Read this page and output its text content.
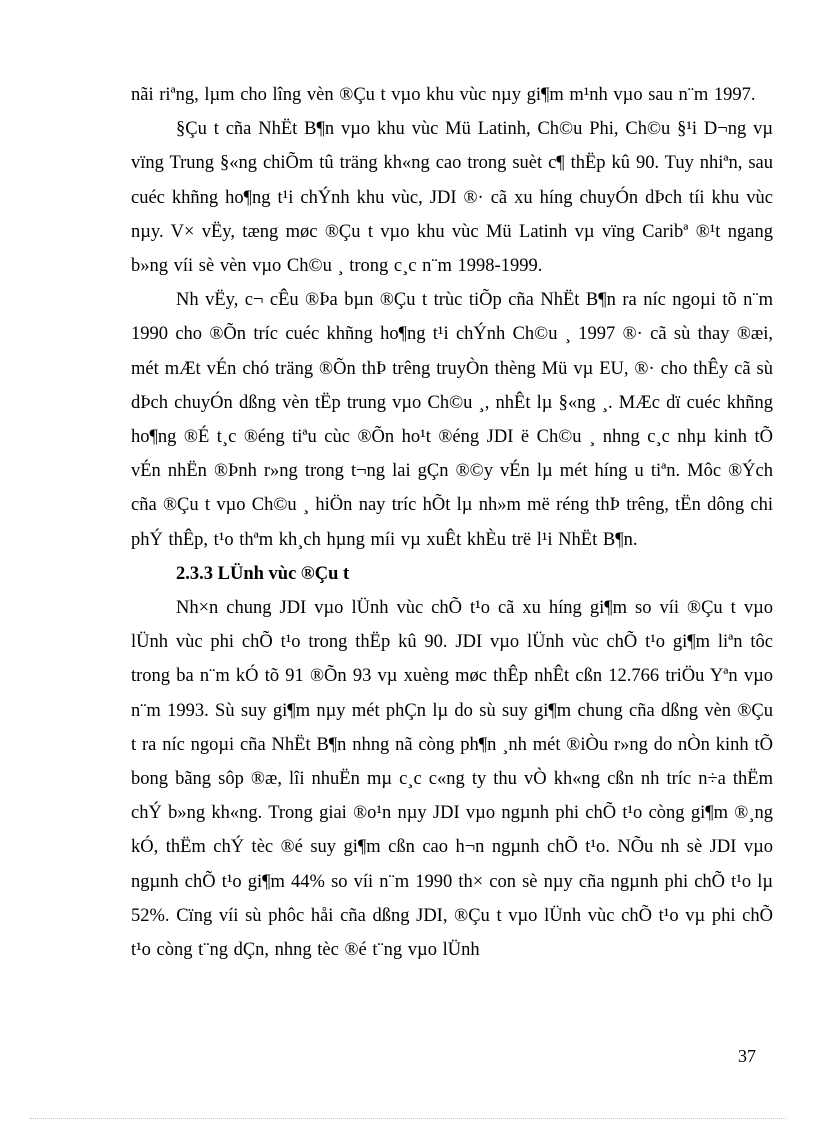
nãi riªng, lµm cho lîng vèn ®Çu t vµo khu vùc nµy gi¶m m¹nh vµo sau n¨m 1997.

§Çu t cña NhËt B¶n vµo khu vùc Mü Latinh, Ch©u Phi, Ch©u §¹i D¬ng vµ vïng Trung §«ng chiÕm tû träng kh«ng cao trong suèt c¶ thËp kû 90. Tuy nhiªn, sau cuéc khñng ho¶ng t¹i chÝnh khu vùc, JDI ®· cã xu híng chuyÓn dÞch tíi khu vùc nµy. V× vËy, tæng møc ®Çu t vµo khu vùc Mü Latinh vµ vïng Caribª ®¹t ngang b»ng víi sè vèn vµo Ch©u ¸ trong c¸c n¨m 1998-1999.

Nh vËy, c¬ cÊu ®Þa bµn ®Çu t trùc tiÕp cña NhËt B¶n ra níc ngoµi tõ n¨m 1990 cho ®Õn tríc cuéc khñng ho¶ng t¹i chÝnh Ch©u ¸ 1997 ®· cã sù thay ®æi, mét mÆt vÉn chó träng ®Õn thÞ trêng truyÒn thèng Mü vµ EU, ®· cho thÊy cã sù dÞch chuyÓn dßng vèn tËp trung vµo Ch©u ¸, nhÊt lµ §«ng ¸. MÆc dï cuéc khñng ho¶ng ®É t¸c ®éng tiªu cùc ®Õn ho¹t ®éng JDI ë Ch©u ¸ nhng c¸c nhµ kinh tÕ vÉn nhËn ®Þnh r»ng trong t¬ng lai gÇn ®©y vÉn lµ mét híng u tiªn. Môc ®Ých cña ®Çu t vµo Ch©u ¸ hiÖn nay tríc hÕt lµ nh»m më réng thÞ trêng, tËn dông chi phÝ thÊp, t¹o thªm kh¸ch hµng míi vµ xuÊt khÈu trë l¹i NhËt B¶n.

2.3.3 LÜnh vùc ®Çu t

Nh×n chung JDI vµo lÜnh vùc chÕ t¹o cã xu híng gi¶m so víi ®Çu t vµo lÜnh vùc phi chÕ t¹o trong thËp kû 90. JDI vµo lÜnh vùc chÕ t¹o gi¶m liªn tôc trong ba n¨m kÓ tõ 91 ®Õn 93 vµ xuèng møc thÊp nhÊt cßn 12.766 triÖu Yªn vµo n¨m 1993. Sù suy gi¶m nµy mét phÇn lµ do sù suy gi¶m chung cña dßng vèn ®Çu t ra níc ngoµi cña NhËt B¶n nhng nã còng ph¶n ¸nh mét ®iÒu r»ng do nÒn kinh tÕ bong bãng sôp ®æ, lîi nhuËn mµ c¸c c«ng ty thu vÒ kh«ng cßn nh tríc n÷a thËm chÝ b»ng kh«ng. Trong giai ®o¹n nµy JDI vµo ngµnh phi chÕ t¹o còng gi¶m ®¸ng kÓ, thËm chÝ tèc ®é suy gi¶m cßn cao h¬n ngµnh chÕ t¹o. NÕu nh sè JDI vµo ngµnh chÕ t¹o gi¶m 44% so víi n¨m 1990 th× con sè nµy cña ngµnh phi chÕ t¹o lµ 52%. Cïng víi sù phôc håi cña dßng JDI, ®Çu t vµo lÜnh vùc chÕ t¹o vµ phi chÕ t¹o còng t¨ng dÇn, nhng tèc ®é t¨ng vµo lÜnh

37
